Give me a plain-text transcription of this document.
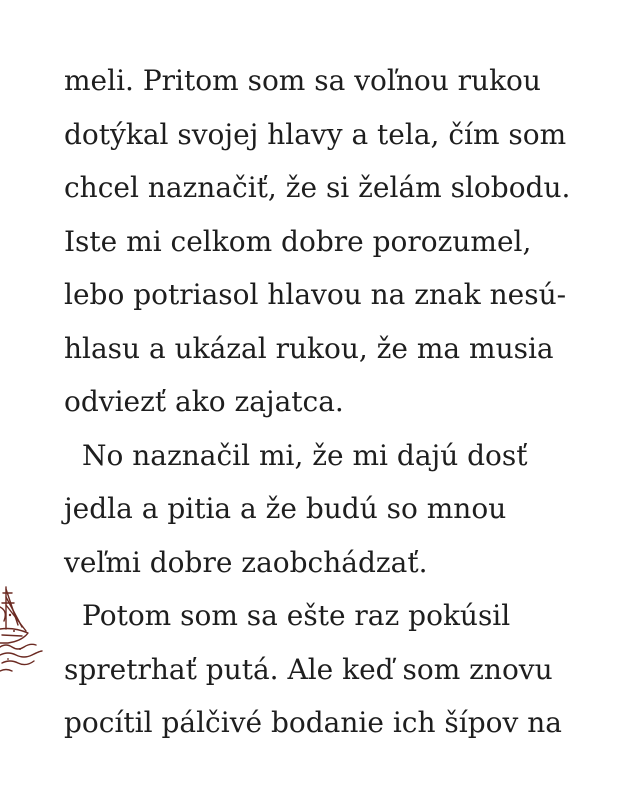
meli. Pritom som sa voľnou rukou
dotýkal svojej hlavy a tela, čím som
chcel naznačiť, že si želám slobodu.
Iste mi celkom dobre porozumel,
lebo potriasol hlavou na znak nesú-
hlasu a ukázal rukou, že ma musia
odviezť ako zajatca.
No naznačil mi, že mi dajú dosť
jedla a pitia a že budú so mnou
veľmi dobre zaobchádzať.
Potom som sa ešte raz pokúsil
spretrhať putá. Ale keď som znovu
pocítil pálčivé bodanie ich šípov na
